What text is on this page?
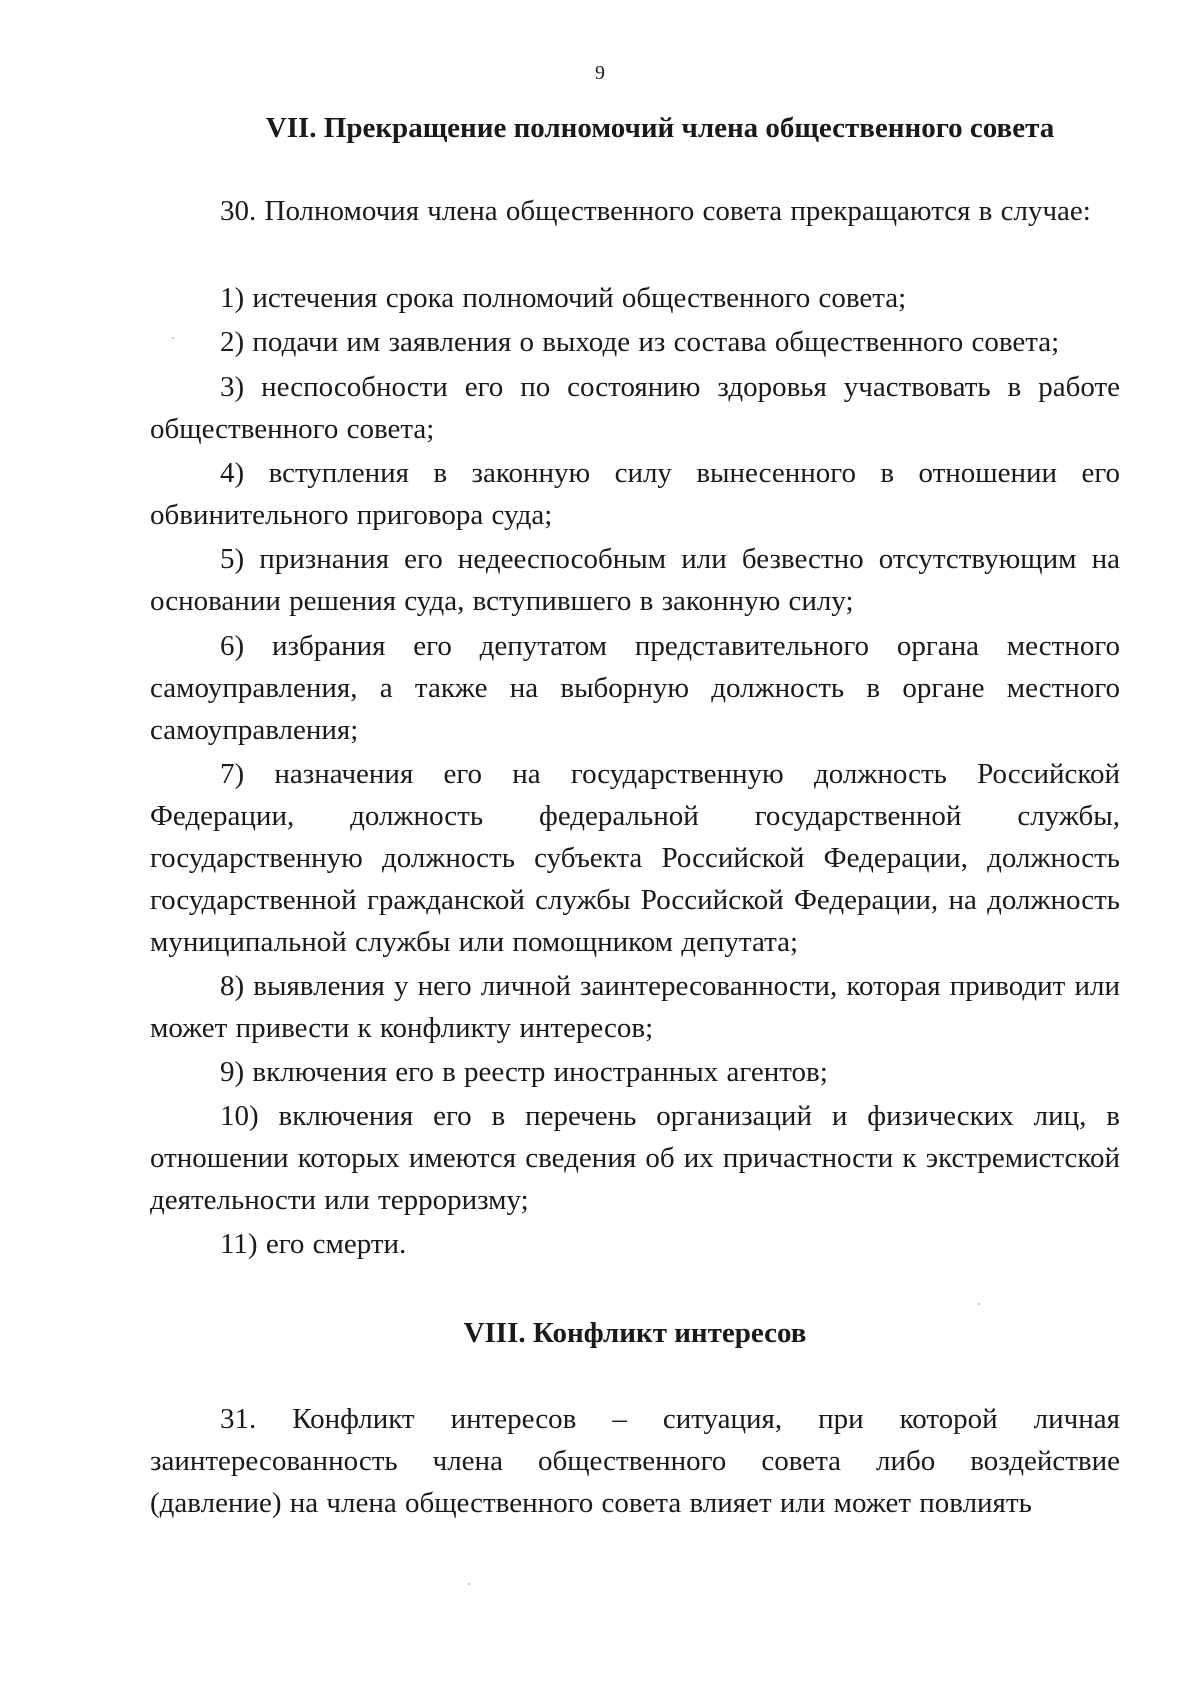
9
VII. Прекращение полномочий члена общественного совета

30. Полномочия члена общественного совета прекращаются в случае:

1) истечения срока полномочий общественного совета;

2) подачи им заявления о выходе из состава общественного совета;

3) неспособности его по состоянию здоровья участвовать в работе общественного совета;

4) вступления в законную силу вынесенного в отношении его обвинительного приговора суда;

5) признания его недееспособным или безвестно отсутствующим на основании решения суда, вступившего в законную силу;

6) избрания его депутатом представительного органа местного самоуправления, а также на выборную должность в органе местного самоуправления;

7) назначения его на государственную должность Российской Федерации, должность федеральной государственной службы, государственную должность субъекта Российской Федерации, должность государственной гражданской службы Российской Федерации, на должность муниципальной службы или помощником депутата;

8) выявления у него личной заинтересованности, которая приводит или может привести к конфликту интересов;

9) включения его в реестр иностранных агентов;

10) включения его в перечень организаций и физических лиц, в отношении которых имеются сведения об их причастности к экстремистской деятельности или терроризму;

11) его смерти.

VIII. Конфликт интересов

31. Конфликт интересов – ситуация, при которой личная заинтересованность члена общественного совета либо воздействие (давление) на члена общественного совета влияет или может повлиять
